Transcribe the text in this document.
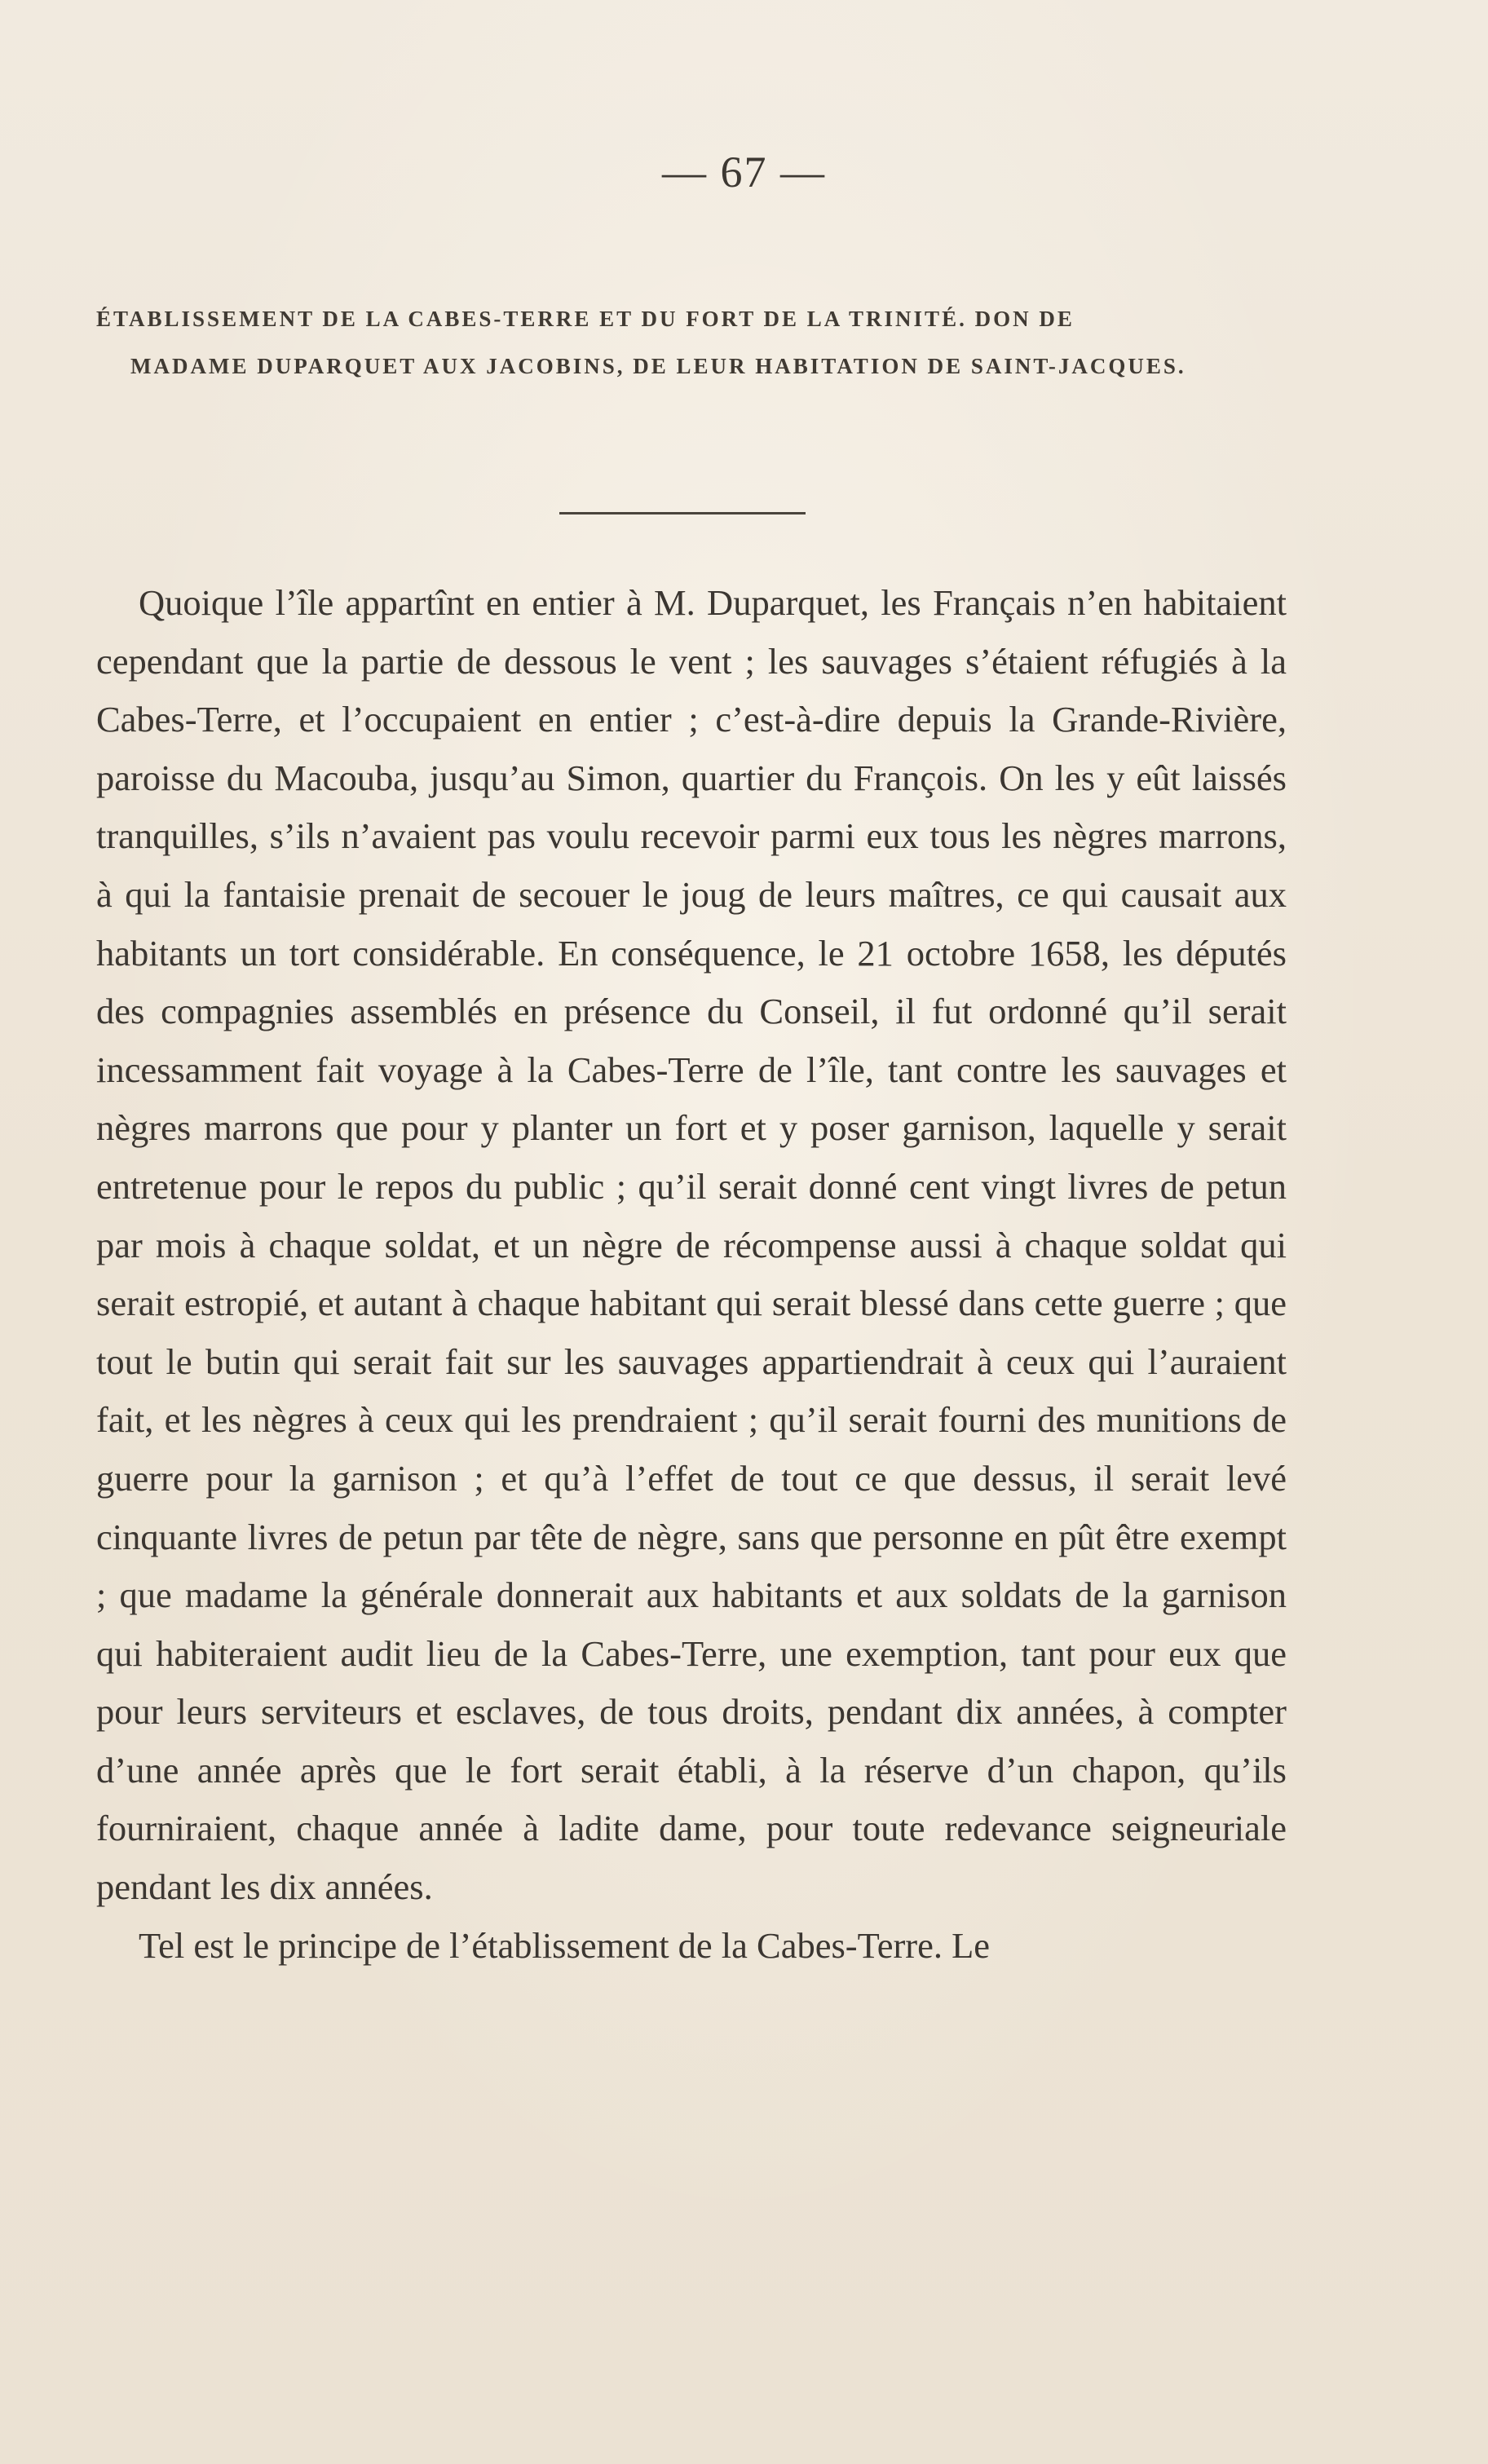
— 67 —
ÉTABLISSEMENT DE LA CABES-TERRE ET DU FORT DE LA TRINITÉ. DON DE
MADAME DUPARQUET AUX JACOBINS, DE LEUR HABITATION DE SAINT-JACQUES.

Quoique l’île appartînt en entier à M. Duparquet, les Français n’en habitaient cependant que la partie de dessous le vent ; les sauvages s’étaient réfugiés à la Cabes-Terre, et l’occupaient en entier ; c’est-à-dire depuis la Grande-Rivière, paroisse du Macouba, jusqu’au Simon, quartier du François. On les y eût laissés tranquilles, s’ils n’avaient pas voulu recevoir parmi eux tous les nègres marrons, à qui la fantaisie prenait de secouer le joug de leurs maîtres, ce qui causait aux habitants un tort considérable. En conséquence, le 21 octobre 1658, les députés des compagnies assemblés en présence du Conseil, il fut ordonné qu’il serait incessamment fait voyage à la Cabes-Terre de l’île, tant contre les sauvages et nègres marrons que pour y planter un fort et y poser garnison, laquelle y serait entretenue pour le repos du public ; qu’il serait donné cent vingt livres de petun par mois à chaque soldat, et un nègre de récompense aussi à chaque soldat qui serait estropié, et autant à chaque habitant qui serait blessé dans cette guerre ; que tout le butin qui serait fait sur les sauvages appartiendrait à ceux qui l’auraient fait, et les nègres à ceux qui les prendraient ; qu’il serait fourni des munitions de guerre pour la garnison ; et qu’à l’effet de tout ce que dessus, il serait levé cinquante livres de petun par tête de nègre, sans que personne en pût être exempt ; que madame la générale donnerait aux habitants et aux soldats de la garnison qui habiteraient audit lieu de la Cabes-Terre, une exemption, tant pour eux que pour leurs serviteurs et esclaves, de tous droits, pendant dix années, à compter d’une année après que le fort serait établi, à la réserve d’un chapon, qu’ils fourniraient, chaque année à ladite dame, pour toute redevance seigneuriale pendant les dix années.

Tel est le principe de l’établissement de la Cabes-Terre. Le
